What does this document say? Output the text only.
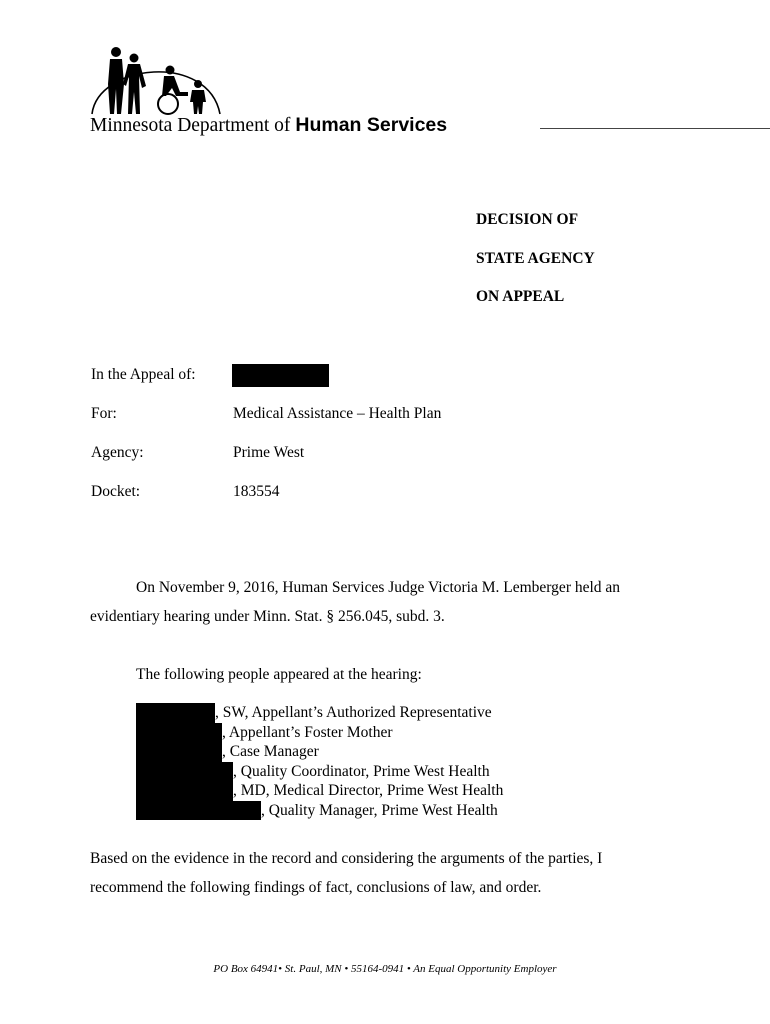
Minnesota Department of Human Services
DECISION OF
STATE AGENCY
ON APPEAL
In the Appeal of:
For:	Medical Assistance – Health Plan
Agency:	Prime West
Docket:	183554
On November 9, 2016, Human Services Judge Victoria M. Lemberger held an evidentiary hearing under Minn. Stat. § 256.045, subd. 3.
The following people appeared at the hearing:
, SW, Appellant’s Authorized Representative
, Appellant’s Foster Mother
, Case Manager
, Quality Coordinator, Prime West Health
, MD, Medical Director, Prime West Health
, Quality Manager, Prime West Health
Based on the evidence in the record and considering the arguments of the parties, I recommend the following findings of fact, conclusions of law, and order.
PO Box 64941• St. Paul, MN • 55164-0941 • An Equal Opportunity Employer
